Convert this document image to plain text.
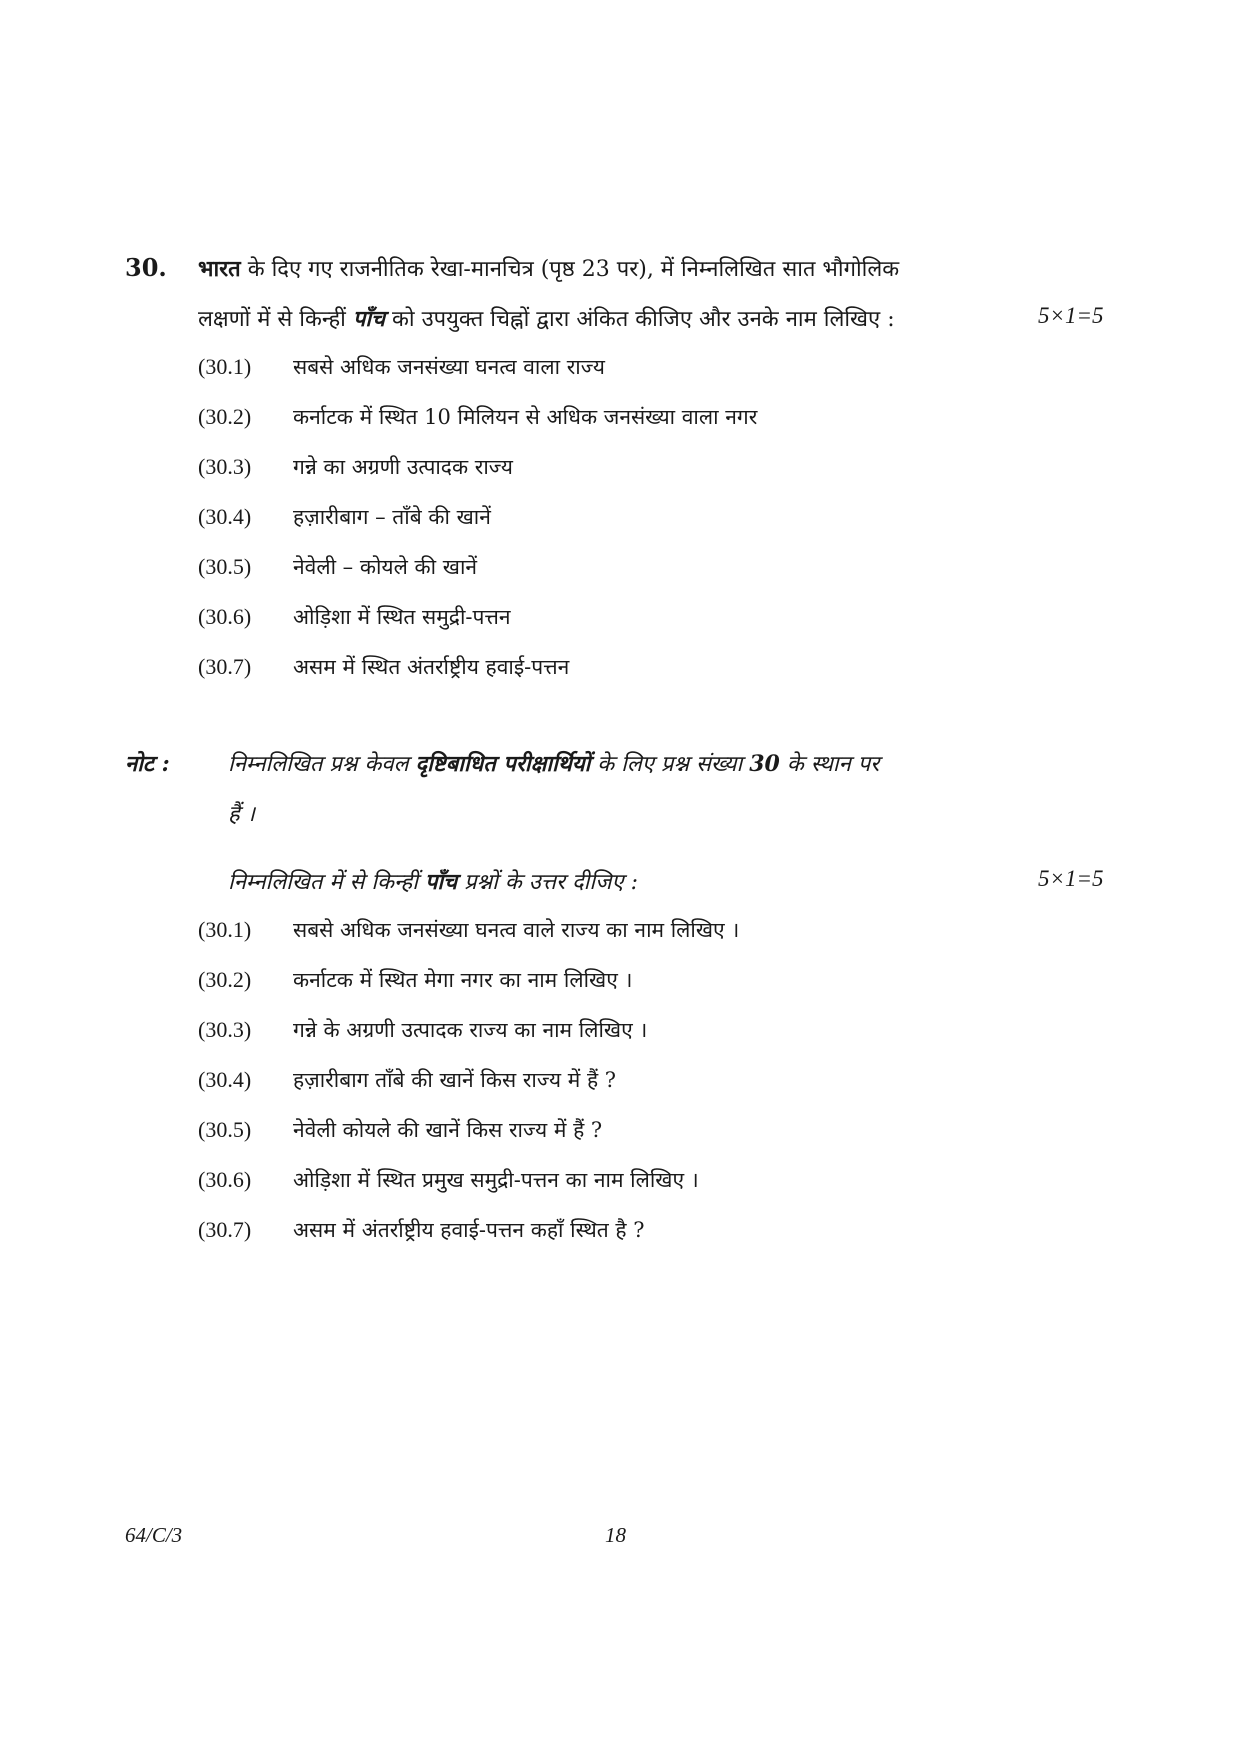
30. भारत के दिए गए राजनीतिक रेखा-मानचित्र (पृष्ठ 23 पर), में निम्नलिखित सात भौगोलिक
लक्षणों में से किन्हीं पाँच को उपयुक्त चिह्नों द्वारा अंकित कीजिए और उनके नाम लिखिए :	5×1=5
(30.1) सबसे अधिक जनसंख्या घनत्व वाला राज्य
(30.2) कर्नाटक में स्थित 10 मिलियन से अधिक जनसंख्या वाला नगर
(30.3) गन्ने का अग्रणी उत्पादक राज्य
(30.4) हज़ारीबाग – ताँबे की खानें
(30.5) नेवेली – कोयले की खानें
(30.6) ओड़िशा में स्थित समुद्री-पत्तन
(30.7) असम में स्थित अंतर्राष्ट्रीय हवाई-पत्तन
नोट :	निम्नलिखित प्रश्न केवल दृष्टिबाधित परीक्षार्थियों के लिए प्रश्न संख्या 30 के स्थान पर
हैं ।
निम्नलिखित में से किन्हीं पाँच प्रश्नों के उत्तर दीजिए :	5×1=5
(30.1) सबसे अधिक जनसंख्या घनत्व वाले राज्य का नाम लिखिए ।
(30.2) कर्नाटक में स्थित मेगा नगर का नाम लिखिए ।
(30.3) गन्ने के अग्रणी उत्पादक राज्य का नाम लिखिए ।
(30.4) हज़ारीबाग ताँबे की खानें किस राज्य में हैं ?
(30.5) नेवेली कोयले की खानें किस राज्य में हैं ?
(30.6) ओड़िशा में स्थित प्रमुख समुद्री-पत्तन का नाम लिखिए ।
(30.7) असम में अंतर्राष्ट्रीय हवाई-पत्तन कहाँ स्थित है ?
64/C/3	18
